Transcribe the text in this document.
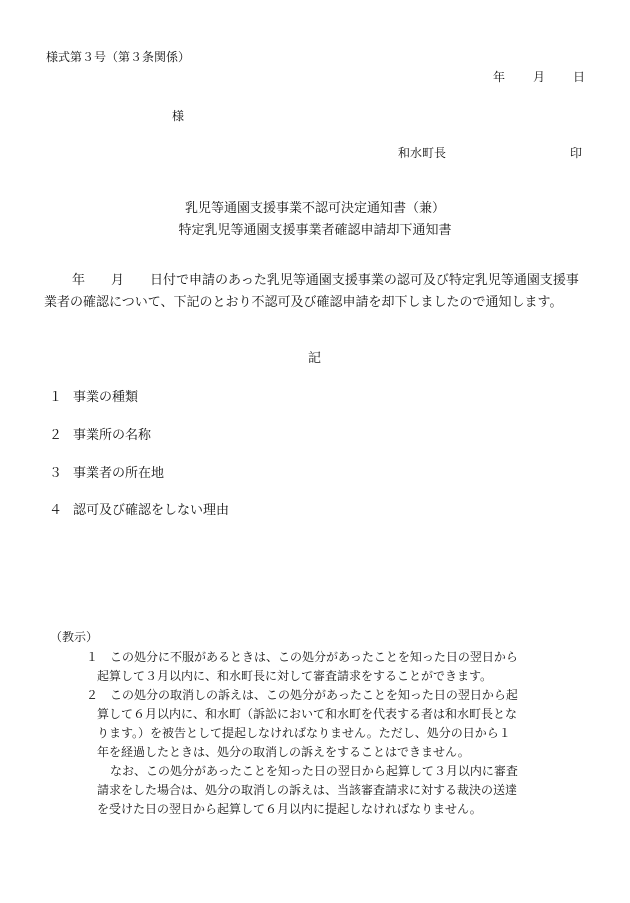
様式第３号（第３条関係）
年 月 日
様
和水町長	印
乳児等通園支援事業不認可決定通知書（兼）
特定乳児等通園支援事業者確認申請却下通知書
年　　月　　日付で申請のあった乳児等通園支援事業の認可及び特定乳児等通園支援事業者の確認について、下記のとおり不認可及び確認申請を却下しましたので通知します。
記
１ 事業の種類
２ 事業所の名称
３ 事業者の所在地
４ 認可及び確認をしない理由
（教示）
１ この処分に不服があるときは、この処分があったことを知った日の翌日から
起算して３月以内に、和水町長に対して審査請求をすることができます。
２ この処分の取消しの訴えは、この処分があったことを知った日の翌日から起
算して６月以内に、和水町（訴訟において和水町を代表する者は和水町長とな
ります。）を被告として提起しなければなりません。ただし、処分の日から１
年を経過したときは、処分の取消しの訴えをすることはできません。
なお、この処分があったことを知った日の翌日から起算して３月以内に審査
請求をした場合は、処分の取消しの訴えは、当該審査請求に対する裁決の送達
を受けた日の翌日から起算して６月以内に提起しなければなりません。
